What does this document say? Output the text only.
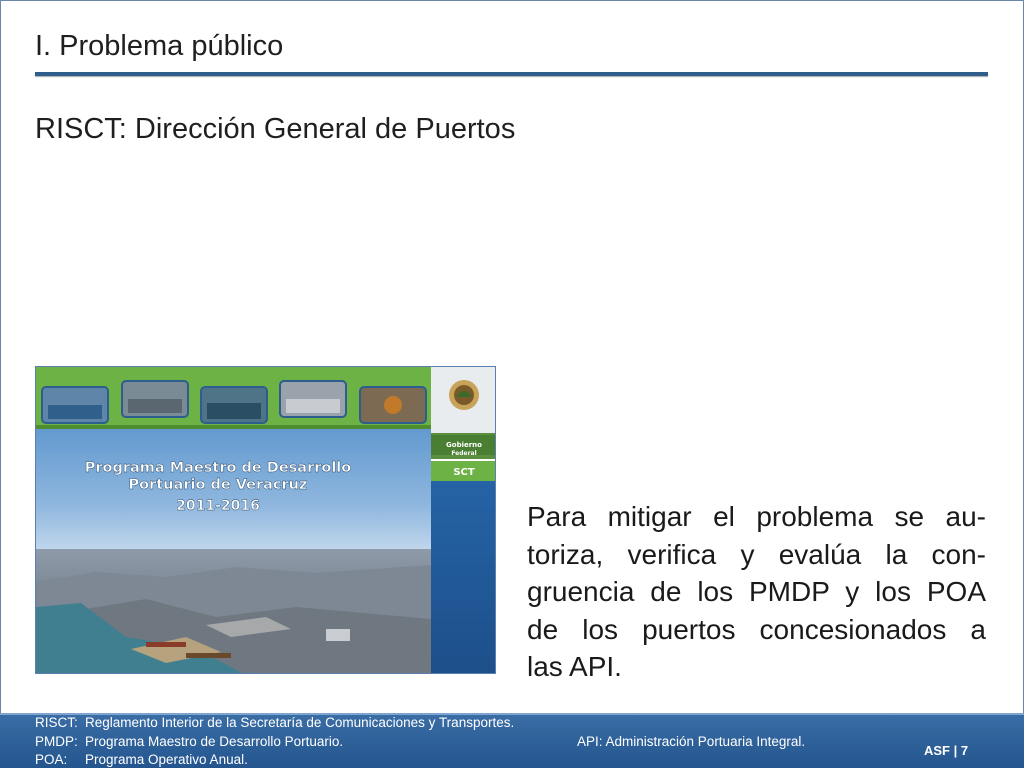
I. Problema público
RISCT: Dirección General de Puertos
Gobierno
Federal
SCT
Programa Maestro de Desarrollo
Portuario de Veracruz
2011-2016	Para mitigar el problema se au-
toriza, verifica y evalúa la con-
gruencia de los PMDP y los POA
de los puertos concesionados a
las API.
RISCT: Reglamento Interior de la Secretaría de Comunicaciones y Transportes.
PMDP: Programa Maestro de Desarrollo Portuario.
POA: Programa Operativo Anual.
API: Administración Portuaria Integral.
ASF | 7
